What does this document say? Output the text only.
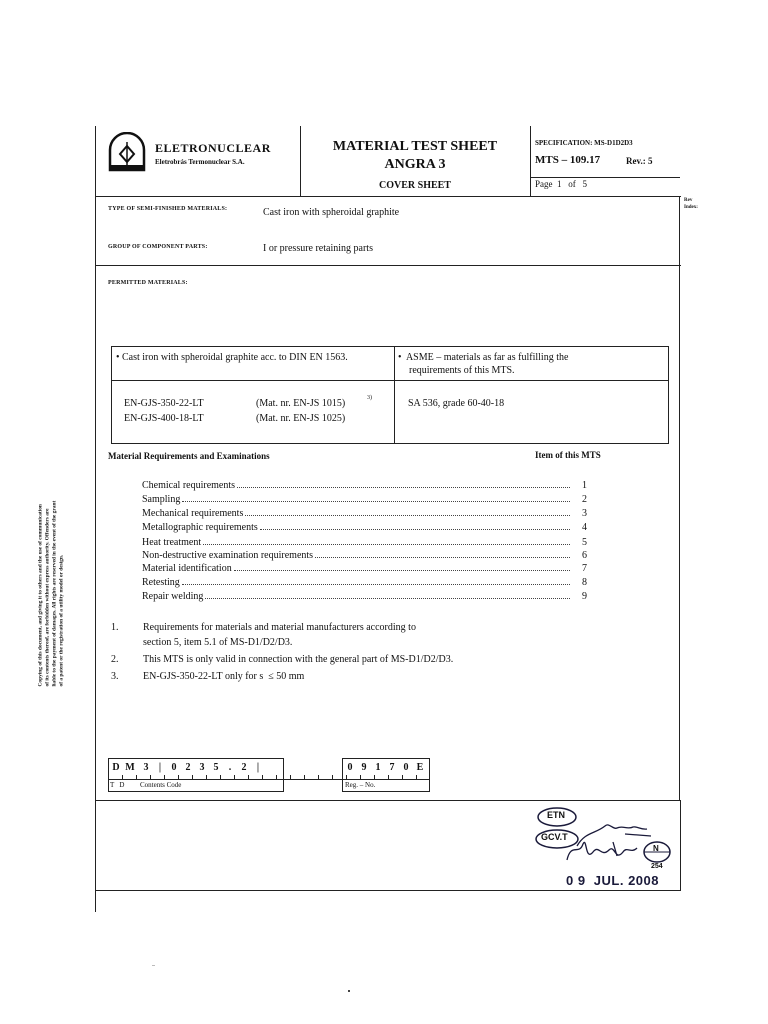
ELETRONUCLEAR
Eletrobrás Termonuclear S.A.
MATERIAL TEST SHEET
ANGRA 3
COVER SHEET
SPECIFICATION: MS-D1D2D3
MTS – 109.17	Rev.: 5
Page  1   of   5
Rev Index:
TYPE OF SEMI-FINISHED MATERIALS:	Cast iron with spheroidal graphite
GROUP OF COMPONENT PARTS:	I or pressure retaining parts
PERMITTED MATERIALS:
• Cast iron with spheroidal graphite acc. to DIN EN 1563.	•  ASME – materials as far as fulfilling the
requirements of this MTS.
EN-GJS-350-22-LT	(Mat. nr. EN-JS 1015)	3)
EN-GJS-400-18-LT	(Mat. nr. EN-JS 1025)
SA 536, grade 60-40-18
Material Requirements and Examinations	Item of this MTS
Chemical requirements	1
Sampling	2
Mechanical requirements	3
Metallographic requirements	4
Heat treatment	5
Non-destructive examination requirements	6
Material identification	7
Retesting	8
Repair welding	9
1. Requirements for materials and material manufacturers according to
section 5, item 5.1 of MS-D1/D2/D3.
2. This MTS is only valid in connection with the general part of MS-D1/D2/D3.
3. EN-GJS-350-22-LT only for s  ≤ 50 mm
Copying of this document, and giving it to others and the use of communication of its contents thereof, are forbidden without express authority. Offenders are liable to the payment of damages. All rights are reserved in the event of the grant of a patent or the registration of a utility model or design.
D M 3	|	0 2 3 5	.	2	|	0 9 1 7 0 E
T   D Contents Code	Reg. – No.
ETN
GCV.T
N
254
0 9  JUL. 2008
